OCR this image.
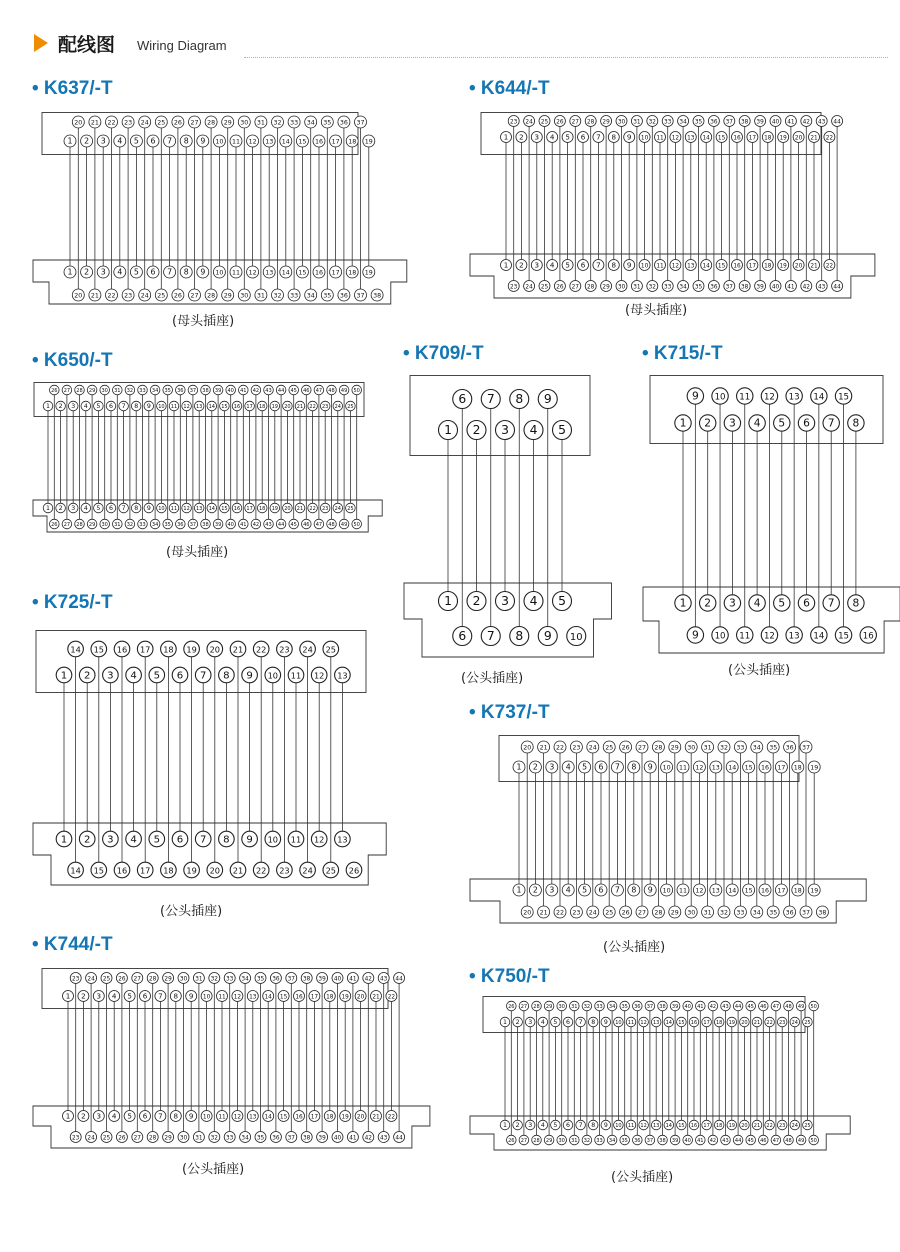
配线图 Wiring Diagram
• K637/-T
20 21 22 23 24 25 26 27 28 29 30 31 32 33 34 35 36 37
1 2 3 4 5 6 7 8 9 10 11 12 13 14 15 16 17 18 19
1 2 3 4 5 6 7 8 9 10 11 12 13 14 15 16 17 18 19
20 21 22 23 24 25 26 27 28 29 30 31 32 33 34 35 36 37 38
(母头插座)
• K644/-T
23 24 25 26 27 28 29 30 31 32 33 34 35 36 37 38 39 40 41 42 43 44
1 2 3 4 5 6 7 8 9 10 11 12 13 14 15 16 17 18 19 20 21 22
1 2 3 4 5 6 7 8 9 10 11 12 13 14 15 16 17 18 19 20 21 22
23 24 25 26 27 28 29 30 31 32 33 34 35 36 37 38 39 40 41 42 43 44
(母头插座)
• K650/-T
26 27 28 29 30 31 32 33 34 35 36 37 38 39 40 41 42 43 44 45 46 47 48 49 50
1 2 3 4 5 6 7 8 9 10 11 12 13 14 15 16 17 18 19 20 21 22 23 24 25
1 2 3 4 5 6 7 8 9 10 11 12 13 14 15 16 17 18 19 20 21 22 23 24 25
26 27 28 29 30 31 32 33 34 35 36 37 38 39 40 41 42 43 44 45 46 47 48 49 50
(母头插座)
• K709/-T
6 7 8 9
1 2 3 4 5
1 2 3 4 5
6 7 8 9 10
(公头插座)
• K715/-T
9 10 11 12 13 14 15
1 2 3 4 5 6 7 8
1 2 3 4 5 6 7 8
9 10 11 12 13 14 15 16
(公头插座)
• K725/-T
14 15 16 17 18 19 20 21 22 23 24 25
1 2 3 4 5 6 7 8 9 10 11 12 13
1 2 3 4 5 6 7 8 9 10 11 12 13
14 15 16 17 18 19 20 21 22 23 24 25 26
(公头插座)
• K737/-T
20 21 22 23 24 25 26 27 28 29 30 31 32 33 34 35 36 37
1 2 3 4 5 6 7 8 9 10 11 12 13 14 15 16 17 18 19
1 2 3 4 5 6 7 8 9 10 11 12 13 14 15 16 17 18 19
20 21 22 23 24 25 26 27 28 29 30 31 32 33 34 35 36 37 38
(公头插座)
• K744/-T
23 24 25 26 27 28 29 30 31 32 33 34 35 36 37 38 39 40 41 42 43 44
1 2 3 4 5 6 7 8 9 10 11 12 13 14 15 16 17 18 19 20 21 22
1 2 3 4 5 6 7 8 9 10 11 12 13 14 15 16 17 18 19 20 21 22
23 24 25 26 27 28 29 30 31 32 33 34 35 36 37 38 39 40 41 42 43 44
(公头插座)
• K750/-T
26 27 28 29 30 31 32 33 34 35 36 37 38 39 40 41 42 43 44 45 46 47 48 49 50
1 2 3 4 5 6 7 8 9 10 11 12 13 14 15 16 17 18 19 20 21 22 23 24 25
1 2 3 4 5 6 7 8 9 10 11 12 13 14 15 16 17 18 19 20 21 22 23 24 25
26 27 28 29 30 31 32 33 34 35 36 37 38 39 40 41 42 43 44 45 46 47 48 49 50
(公头插座)
